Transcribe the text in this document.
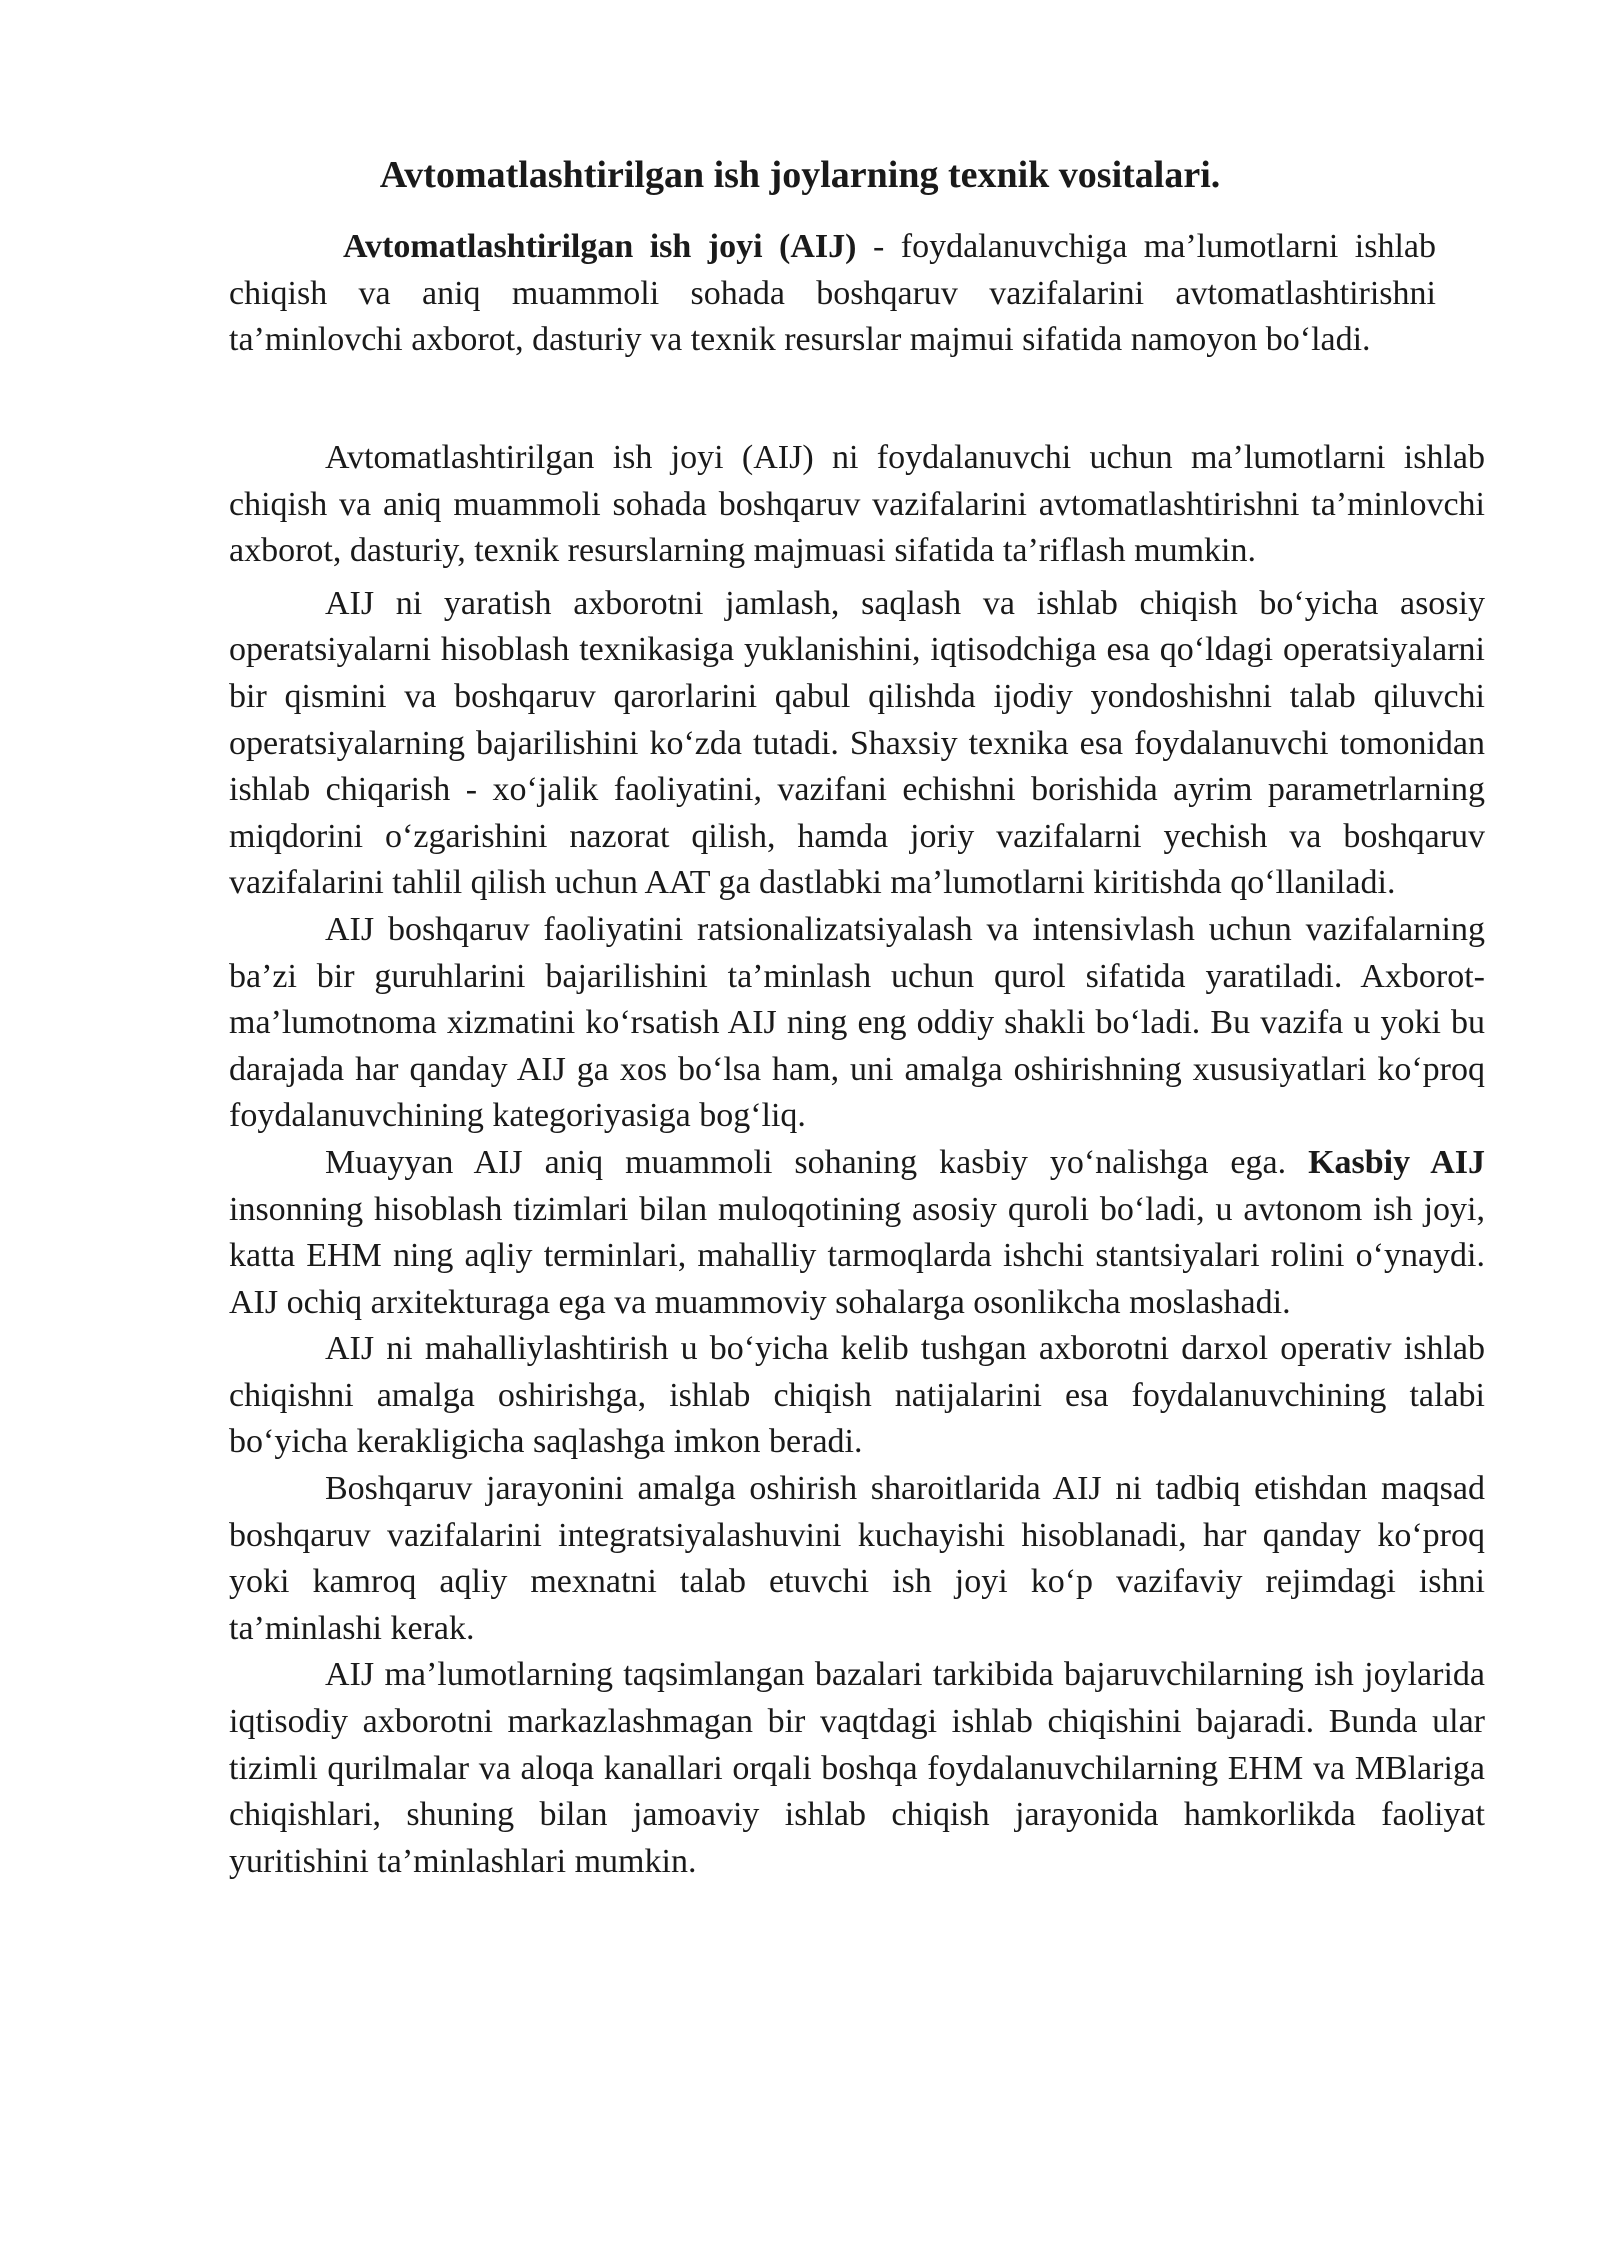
Avtomatlashtirilgan ish joylarning texnik vositalari.

Avtomatlashtirilgan ish joyi (AIJ) - foydalanuvchiga ma’lumotlarni ishlab chiqish va aniq muammoli sohada boshqaruv vazifalarini avtomatlashtirishni ta’minlovchi axborot, dasturiy va texnik resurslar majmui sifatida namoyon bo‘ladi.

Avtomatlashtirilgan ish joyi (AIJ) ni foydalanuvchi uchun ma’lumotlarni ishlab chiqish va aniq muammoli sohada boshqaruv vazifalarini avtomatlashtirishni ta’minlovchi axborot, dasturiy, texnik resurslarning majmuasi sifatida ta’riflash mumkin.

AIJ ni yaratish axborotni jamlash, saqlash va ishlab chiqish bo‘yicha asosiy operatsiyalarni hisoblash texnikasiga yuklanishini, iqtisodchiga esa qo‘ldagi operatsiyalarni bir qismini va boshqaruv qarorlarini qabul qilishda ijodiy yondoshishni talab qiluvchi operatsiyalarning bajarilishini ko‘zda tutadi. Shaxsiy texnika esa foydalanuvchi tomonidan ishlab chiqarish - xo‘jalik faoliyatini, vazifani echishni borishida ayrim parametrlarning miqdorini o‘zgarishini nazorat qilish, hamda joriy vazifalarni yechish va boshqaruv vazifalarini tahlil qilish uchun AAT ga dastlabki ma’lumotlarni kiritishda qo‘llaniladi.

AIJ boshqaruv faoliyatini ratsionalizatsiyalash va intensivlash uchun vazifalarning ba’zi bir guruhlarini bajarilishini ta’minlash uchun qurol sifatida yaratiladi. Axborot-ma’lumotnoma xizmatini ko‘rsatish AIJ ning eng oddiy shakli bo‘ladi. Bu vazifa u yoki bu darajada har qanday AIJ ga xos bo‘lsa ham, uni amalga oshirishning xususiyatlari ko‘proq foydalanuvchining kategoriyasiga bog‘liq.

Muayyan AIJ aniq muammoli sohaning kasbiy yo‘nalishga ega. Kasbiy AIJ insonning hisoblash tizimlari bilan muloqotining asosiy quroli bo‘ladi, u avtonom ish joyi, katta EHM ning aqliy terminlari, mahalliy tarmoqlarda ishchi stantsiyalari rolini o‘ynaydi. AIJ ochiq arxitekturaga ega va muammoviy sohalarga osonlikcha moslashadi.

AIJ ni mahalliylashtirish u bo‘yicha kelib tushgan axborotni darxol operativ ishlab chiqishni amalga oshirishga, ishlab chiqish natijalarini esa foydalanuvchining talabi bo‘yicha kerakligicha saqlashga imkon beradi.

Boshqaruv jarayonini amalga oshirish sharoitlarida AIJ ni tadbiq etishdan maqsad boshqaruv vazifalarini integratsiyalashuvini kuchayishi hisoblanadi, har qanday ko‘proq yoki kamroq aqliy mexnatni talab etuvchi ish joyi ko‘p vazifaviy rejimdagi ishni ta’minlashi kerak.

AIJ ma’lumotlarning taqsimlangan bazalari tarkibida bajaruvchilarning ish joylarida iqtisodiy axborotni markazlashmagan bir vaqtdagi ishlab chiqishini bajaradi. Bunda ular tizimli qurilmalar va aloqa kanallari orqali boshqa foydalanuvchilarning EHM va MBlariga chiqishlari, shuning bilan jamoaviy ishlab chiqish jarayonida hamkorlikda faoliyat yuritishini ta’minlashlari mumkin.
